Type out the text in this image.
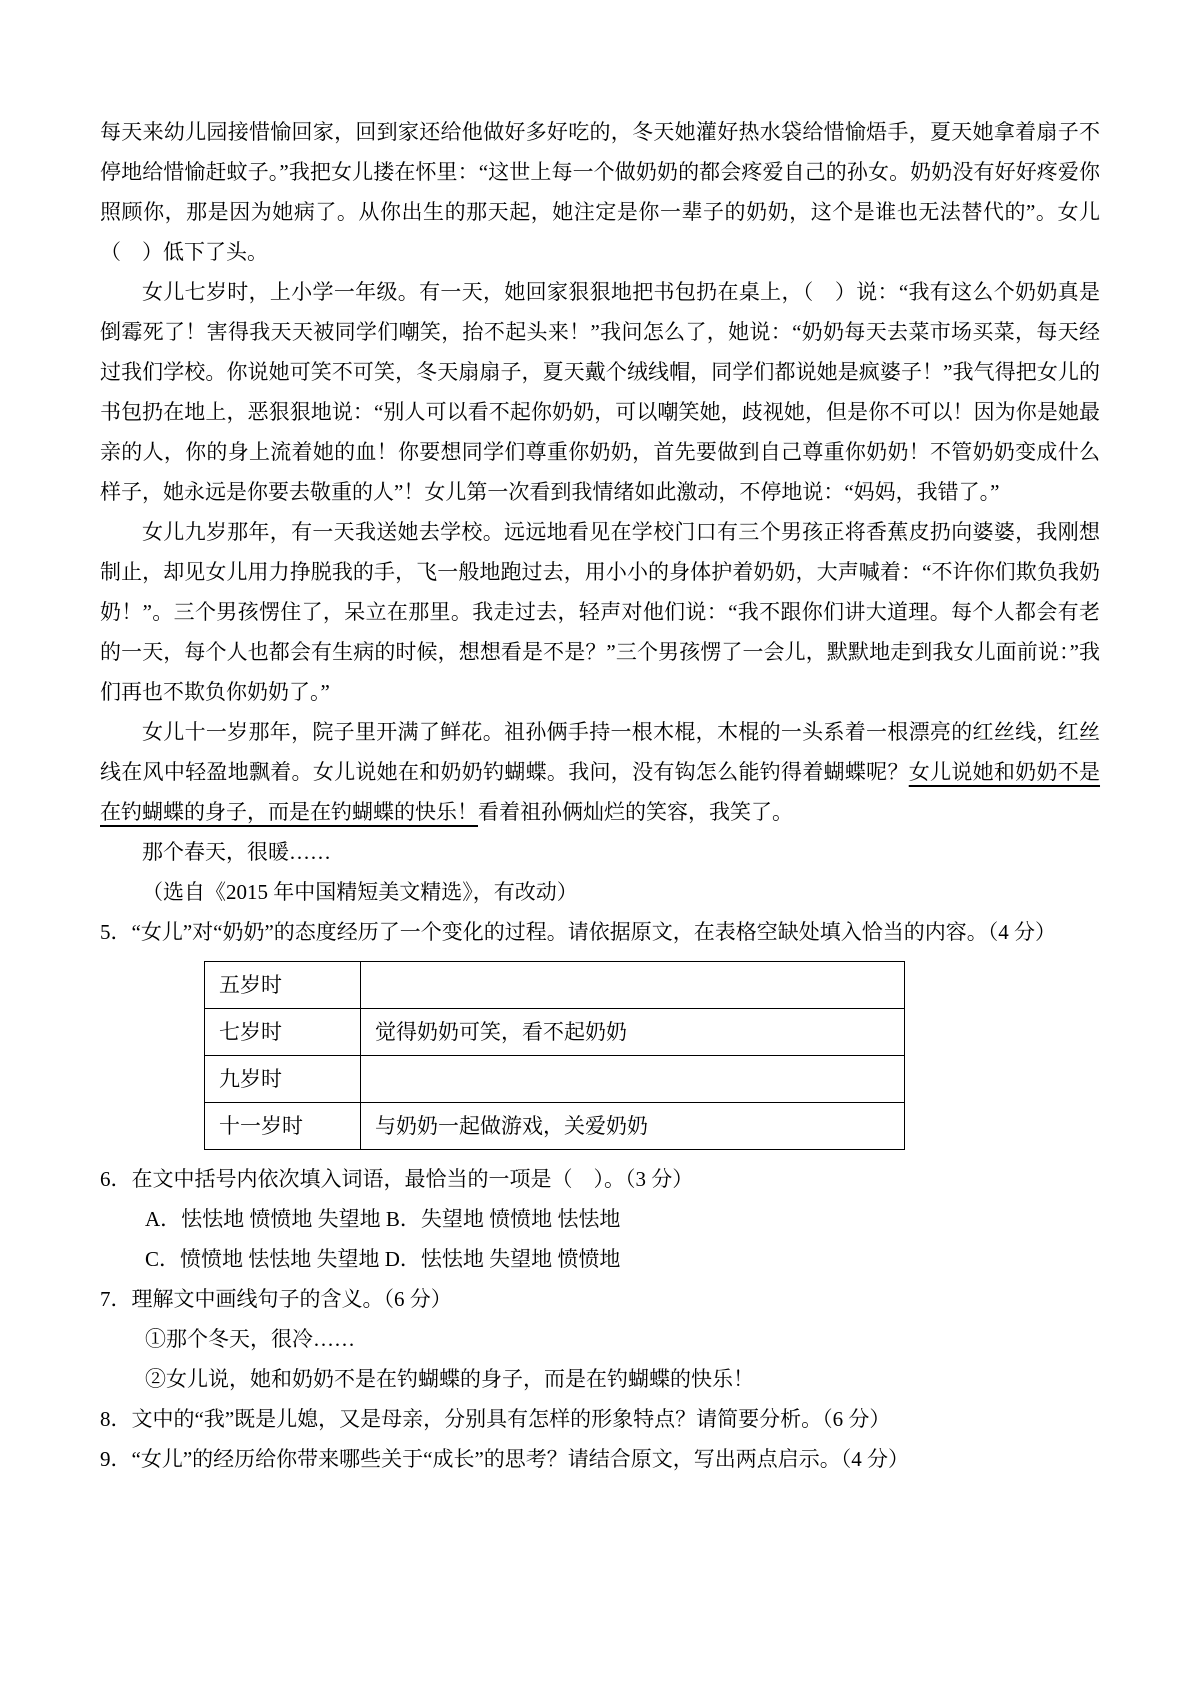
每天来幼儿园接惜愉回家，回到家还给他做好多好吃的，冬天她灌好热水袋给惜愉焐手，夏天她拿着扇子不停地给惜愉赶蚊子。”我把女儿搂在怀里：“这世上每一个做奶奶的都会疼爱自己的孙女。奶奶没有好好疼爱你照顾你，那是因为她病了。从你出生的那天起，她注定是你一辈子的奶奶，这个是谁也无法替代的”。女儿（　）低下了头。

女儿七岁时，上小学一年级。有一天，她回家狠狠地把书包扔在桌上，（　）说：“我有这么个奶奶真是倒霉死了！害得我天天被同学们嘲笑，抬不起头来！”我问怎么了，她说：“奶奶每天去菜市场买菜，每天经过我们学校。你说她可笑不可笑，冬天扇扇子，夏天戴个绒线帽，同学们都说她是疯婆子！”我气得把女儿的书包扔在地上，恶狠狠地说：“别人可以看不起你奶奶，可以嘲笑她，歧视她，但是你不可以！因为你是她最亲的人，你的身上流着她的血！你要想同学们尊重你奶奶，首先要做到自己尊重你奶奶！不管奶奶变成什么样子，她永远是你要去敬重的人”！女儿第一次看到我情绪如此激动，不停地说：“妈妈，我错了。”

女儿九岁那年，有一天我送她去学校。远远地看见在学校门口有三个男孩正将香蕉皮扔向婆婆，我刚想制止，却见女儿用力挣脱我的手，飞一般地跑过去，用小小的身体护着奶奶，大声喊着：“不许你们欺负我奶奶！”。三个男孩愣住了，呆立在那里。我走过去，轻声对他们说：“我不跟你们讲大道理。每个人都会有老的一天，每个人也都会有生病的时候，想想看是不是？”三个男孩愣了一会儿，默默地走到我女儿面前说：”我们再也不欺负你奶奶了。”

女儿十一岁那年，院子里开满了鲜花。祖孙俩手持一根木棍，木棍的一头系着一根漂亮的红丝线，红丝线在风中轻盈地飘着。女儿说她在和奶奶钓蝴蝶。我问，没有钩怎么能钓得着蝴蝶呢？女儿说她和奶奶不是在钓蝴蝶的身子，而是在钓蝴蝶的快乐！看着祖孙俩灿烂的笑容，我笑了。

那个春天，很暖……

（选自《2015 年中国精短美文精选》，有改动）

5．“女儿”对“奶奶”的态度经历了一个变化的过程。请依据原文，在表格空缺处填入恰当的内容。（4 分）

五岁时	
七岁时	觉得奶奶可笑，看不起奶奶
九岁时	
十一岁时	与奶奶一起做游戏，关爱奶奶

6．在文中括号内依次填入词语，最恰当的一项是（　）。（3 分）

A．怯怯地 愤愤地 失望地 B．失望地 愤愤地 怯怯地

C．愤愤地 怯怯地 失望地 D．怯怯地 失望地 愤愤地

7．理解文中画线句子的含义。（6 分）

①那个冬天，很冷……

②女儿说，她和奶奶不是在钓蝴蝶的身子，而是在钓蝴蝶的快乐！

8．文中的“我”既是儿媳，又是母亲，分别具有怎样的形象特点？请简要分析。（6 分）

9．“女儿”的经历给你带来哪些关于“成长”的思考？请结合原文，写出两点启示。（4 分）
